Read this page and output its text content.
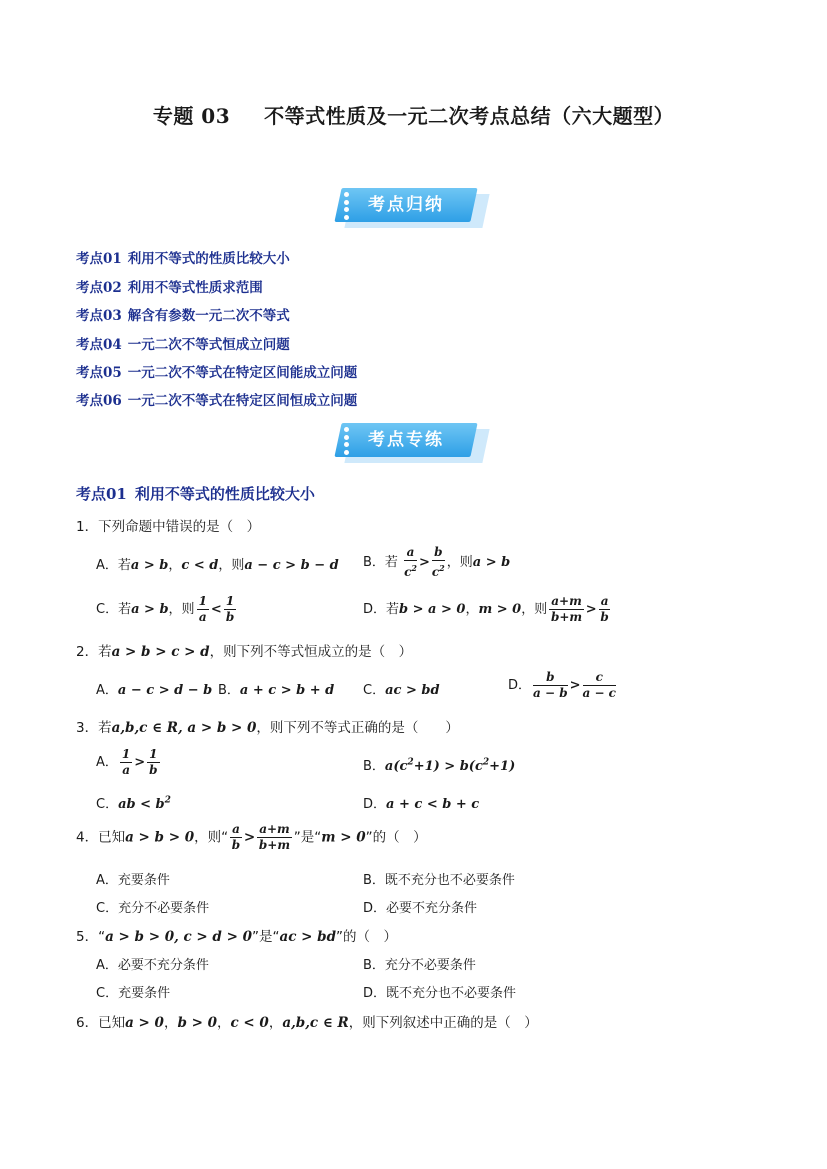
专题 03 不等式性质及一元二次考点总结（六大题型）
考点归纳
考点01 利用不等式的性质比较大小
考点02 利用不等式性质求范围
考点03 解含有参数一元二次不等式
考点04 一元二次不等式恒成立问题
考点05 一元二次不等式在特定区间能成立问题
考点06 一元二次不等式在特定区间恒成立问题
考点专练
考点01 利用不等式的性质比较大小
1．下列命题中错误的是（　）
A．若a > b，c < d，则a − c > b − d B．若 $\frac{a}{c^2} > \frac{b}{c^2}$ ，则a > b
C．若a > b，则 $\frac{1}{a} < \frac{1}{b}$	D．若b > a > 0，m > 0，则 $\frac{a+m}{b+m} > \frac{a}{b}$
2．若a > b > c > d，则下列不等式恒成立的是（　）
A．a − c > d − b B．a + c > b + d C．ac > bd	D． $\frac{b}{a - b} > \frac{c}{a - c}$
3．若a,b,c ∈ R, a > b > 0，则下列不等式正确的是（　　）
A． $\frac{1}{a} > \frac{1}{b}$	B．$a(c^2+1) > b(c^2+1)$
C．ab < $b^2$	D．a + c < b + c
4．已知a > b > 0，则“ $\frac{a}{b} > \frac{a+m}{b+m}$ ”是“m > 0”的（　）
A．充要条件	B．既不充分也不必要条件
C．充分不必要条件	D．必要不充分条件
5．“a > b > 0, c > d > 0”是“ac > bd”的（　）
A．必要不充分条件	B．充分不必要条件
C．充要条件	D．既不充分也不必要条件
6．已知a > 0，b > 0，c < 0，a,b,c ∈ R，则下列叙述中正确的是（　）
